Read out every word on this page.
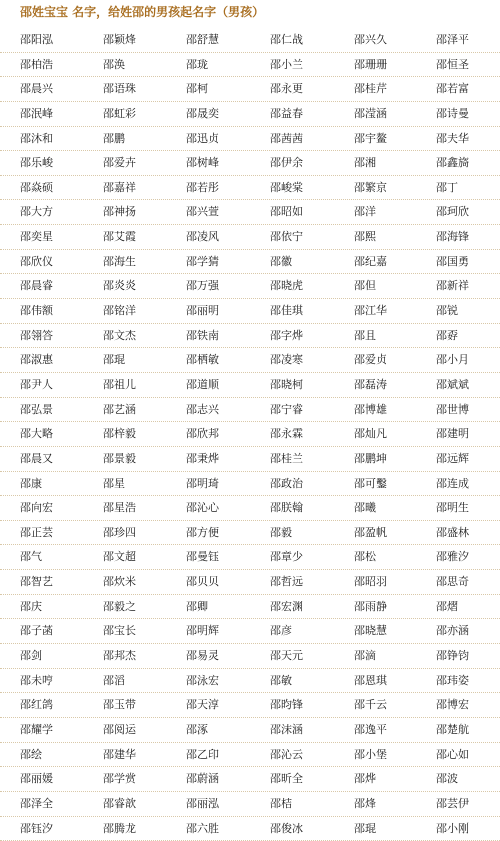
邵姓宝宝 名字，给姓邵的男孩起名字（男孩）
邵阳泓	邵颖烽	邵舒慧	邵仁战	邵兴久	邵泽平
邵柏浩	邵涣	邵珑	邵小兰	邵珊珊	邵恒圣
邵晨兴	邵语珠	邵柯	邵永更	邵桂芹	邵若富
邵泯峰	邵虹彩	邵晟奕	邵益春	邵滢涵	邵诗曼
邵沐和	邵鹏	邵迅贞	邵茜茜	邵宇鳌	邵夫华
邵乐峻	邵爱卉	邵树峰	邵伊余	邵湘	邵鑫旖
邵焱硕	邵嘉祥	邵若彤	邵峻棠	邵繁京	邵丁
邵大方	邵神扬	邵兴萱	邵昭如	邵洋	邵珂欣
邵奕星	邵艾霞	邵凌风	邵依宁	邵熙	邵海锋
邵欣仪	邵海生	邵学猜	邵徽	邵纪嘉	邵国勇
邵晨睿	邵炎炎	邵万强	邵晓虎	邵但	邵新祥
邵伟额	邵铭洋	邵丽明	邵佳琪	邵江华	邵锐
邵翎答	邵文杰	邵铁南	邵字烨	邵且	邵孬
邵淑惠	邵琨	邵栖敏	邵凌寒	邵爱贞	邵小月
邵尹人	邵祖儿	邵道顺	邵晓柯	邵磊涛	邵斌斌
邵弘景	邵艺涵	邵志兴	邵宁睿	邵博雄	邵世博
邵大略	邵梓毅	邵欣邦	邵永霖	邵灿凡	邵建明
邵晨又	邵景毅	邵秉烨	邵桂兰	邵鹏坤	邵远辉
邵康	邵星	邵明琦	邵政治	邵可鑿	邵连成
邵向宏	邵星浩	邵沁心	邵朕翰	邵曦	邵明生
邵正芸	邵珍四	邵方便	邵毅	邵盈帆	邵盛林
邵气	邵文超	邵曼钰	邵章少	邵松	邵雅汐
邵智艺	邵炊米	邵贝贝	邵哲远	邵昭羽	邵思奇
邵庆	邵毅之	邵卿	邵宏渊	邵雨静	邵熠
邵子菡	邵宝长	邵明辉	邵彦	邵晓慧	邵亦涵
邵剑	邵邦杰	邵易灵	邵天元	邵滴	邵铮钧
邵未哼	邵滔	邵泳宏	邵敏	邵恩琪	邵玮姿
邵红鸽	邵玉带	邵天淳	邵昀锋	邵千云	邵博宏
邵耀学	邵阅运	邵涿	邵沫涵	邵逸平	邵楚航
邵绘	邵建华	邵乙印	邵沁云	邵小堡	邵心如
邵丽媛	邵学赏	邵蔚涵	邵昕全	邵烨	邵波
邵泽全	邵睿歆	邵丽泓	邵桔	邵烽	邵芸伊
邵钰汐	邵腾龙	邵六胜	邵俊冰	邵琨	邵小刚
